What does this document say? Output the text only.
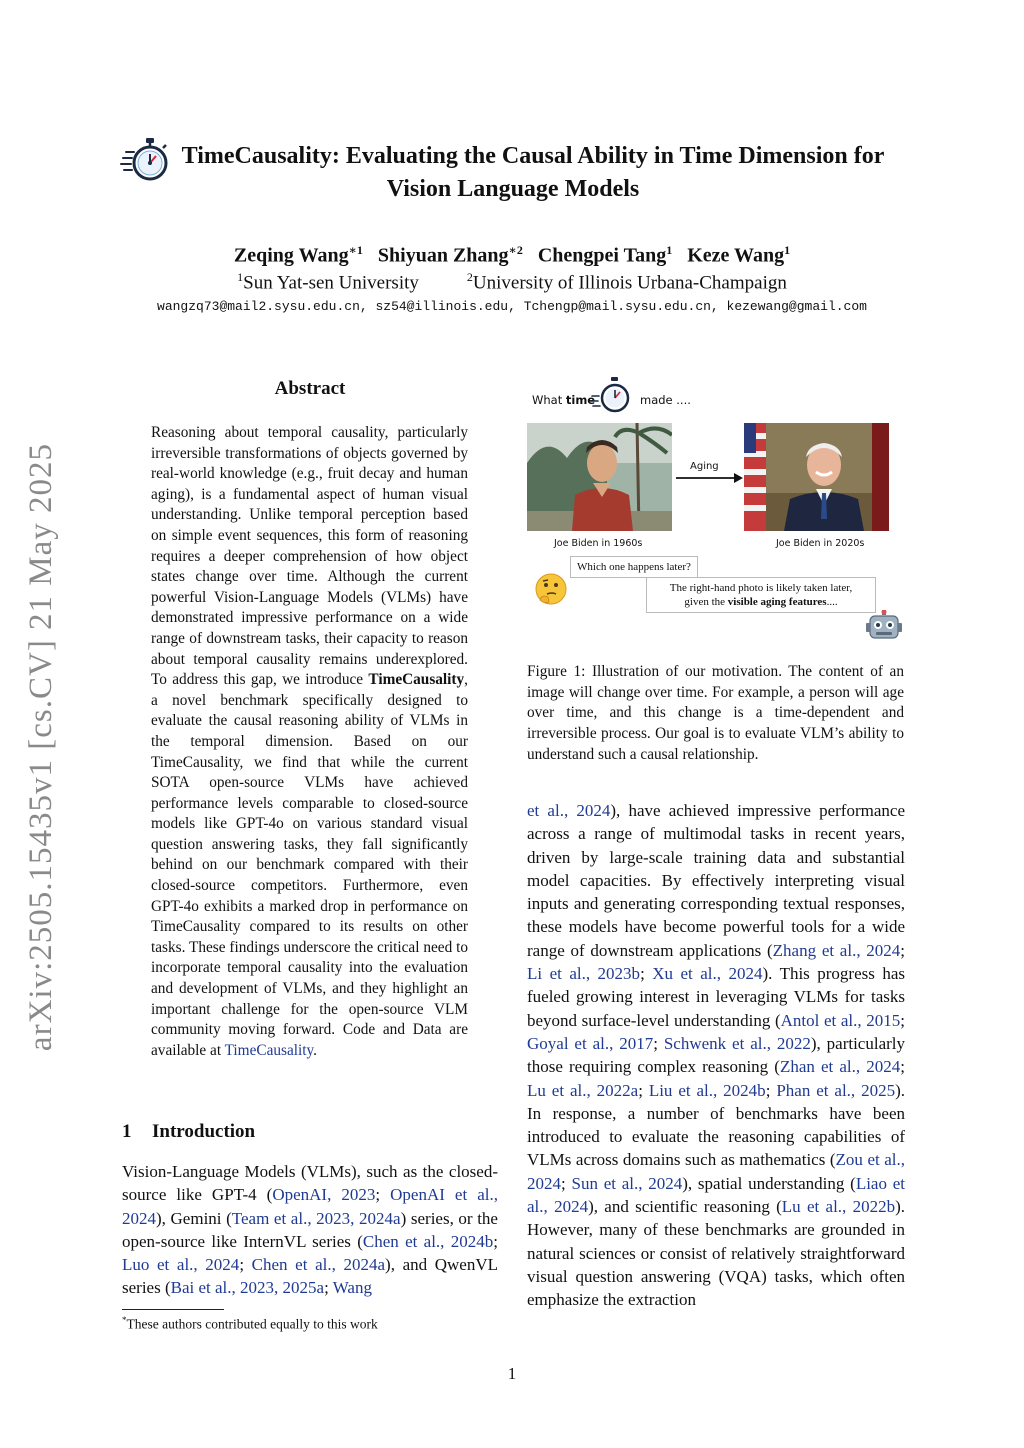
arXiv:2505.15435v1 [cs.CV] 21 May 2025
TimeCausality: Evaluating the Causal Ability in Time Dimension for
Vision Language Models
Zeqing Wang$^{∗1}$ Shiyuan Zhang$^{∗2}$ Chengpei Tang$^1$ Keze Wang$^1$
$^1$Sun Yat-sen University	$^2$University of Illinois Urbana-Champaign
wangzq73@mail2.sysu.edu.cn, sz54@illinois.edu, Tchengp@mail.sysu.edu.cn, kezewang@gmail.com
Abstract
Reasoning about temporal causality, particularly irreversible transformations of objects governed by real-world knowledge (e.g., fruit decay and human aging), is a fundamental aspect of human visual understanding. Unlike temporal perception based on simple event sequences, this form of reasoning requires a deeper comprehension of how object states change over time. Although the current powerful Vision-Language Models (VLMs) have demonstrated impressive performance on a wide range of downstream tasks, their capacity to reason about temporal causality remains underexplored. To address this gap, we introduce TimeCausality, a novel benchmark specifically designed to evaluate the causal reasoning ability of VLMs in the temporal dimension. Based on our TimeCausality, we find that while the current SOTA open-source VLMs have achieved performance levels comparable to closed-source models like GPT-4o on various standard visual question answering tasks, they fall significantly behind on our benchmark compared with their closed-source competitors. Furthermore, even GPT-4o exhibits a marked drop in performance on TimeCausality compared to its results on other tasks. These findings underscore the critical need to incorporate temporal causality into the evaluation and development of VLMs, and they highlight an important challenge for the open-source VLM community moving forward. Code and Data are available at TimeCausality.
1 Introduction
Vision-Language Models (VLMs), such as the closed-source like GPT-4 (OpenAI, 2023; OpenAI et al., 2024), Gemini (Team et al., 2023, 2024a) series, or the open-source like InternVL series (Chen et al., 2024b; Luo et al., 2024; Chen et al., 2024a), and QwenVL series (Bai et al., 2023, 2025a; Wang
*These authors contributed equally to this work
1
What time	made ....
Joe Biden in 1960s
Aging
Joe Biden in 2020s
Which one happens later?
The right-hand photo is likely taken later,
given the visible aging features....
Figure 1: Illustration of our motivation. The content of an image will change over time. For example, a person will age over time, and this change is a time-dependent and irreversible process. Our goal is to evaluate VLM’s ability to understand such a causal relationship.
et al., 2024), have achieved impressive performance across a range of multimodal tasks in recent years, driven by large-scale training data and substantial model capacities. By effectively interpreting visual inputs and generating corresponding textual responses, these models have become powerful tools for a wide range of downstream applications (Zhang et al., 2024; Li et al., 2023b; Xu et al., 2024). This progress has fueled growing interest in leveraging VLMs for tasks beyond surface-level understanding (Antol et al., 2015; Goyal et al., 2017; Schwenk et al., 2022), particularly those requiring complex reasoning (Zhan et al., 2024; Lu et al., 2022a; Liu et al., 2024b; Phan et al., 2025). In response, a number of benchmarks have been introduced to evaluate the reasoning capabilities of VLMs across domains such as mathematics (Zou et al., 2024; Sun et al., 2024), spatial understanding (Liao et al., 2024), and scientific reasoning (Lu et al., 2022b). However, many of these benchmarks are grounded in natural sciences or consist of relatively straightforward visual question answering (VQA) tasks, which often emphasize the extraction
